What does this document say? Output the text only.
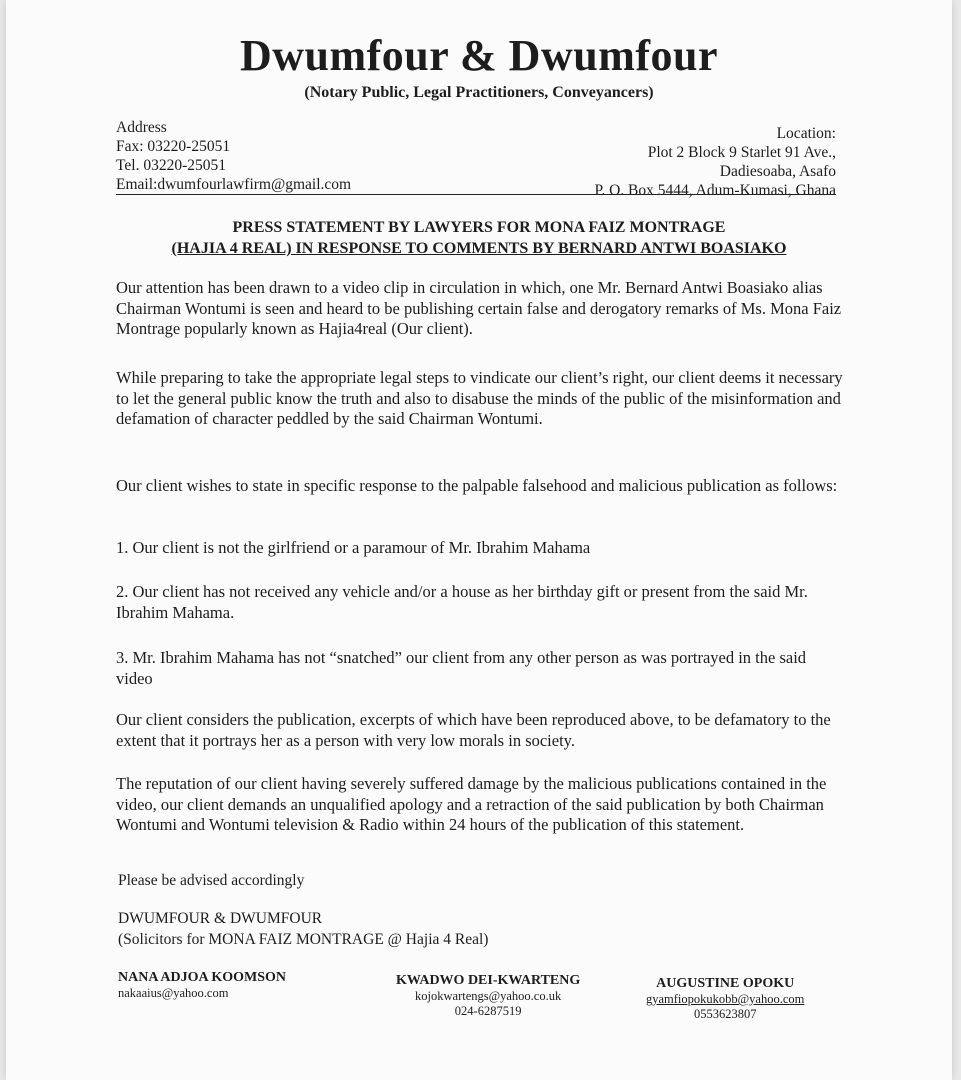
Dwumfour & Dwumfour
(Notary Public, Legal Practitioners, Conveyancers)
Address
Fax: 03220-25051
Tel. 03220-25051
Email:dwumfourlawfirm@gmail.com
Location:
Plot 2 Block 9 Starlet 91 Ave.,
Dadiesoaba, Asafo
P. O. Box 5444, Adum-Kumasi, Ghana
PRESS STATEMENT BY LAWYERS FOR MONA FAIZ MONTRAGE
(HAJIA 4 REAL) IN RESPONSE TO COMMENTS BY BERNARD ANTWI BOASIAKO
Our attention has been drawn to a video clip in circulation in which, one Mr. Bernard Antwi Boasiako alias Chairman Wontumi is seen and heard to be publishing certain false and derogatory remarks of Ms. Mona Faiz Montrage popularly known as Hajia4real (Our client).
While preparing to take the appropriate legal steps to vindicate our client’s right, our client deems it necessary to let the general public know the truth and also to disabuse the minds of the public of the misinformation and defamation of character peddled by the said Chairman Wontumi.
Our client wishes to state in specific response to the palpable falsehood and malicious publication as follows:
1. Our client is not the girlfriend or a paramour of Mr. Ibrahim Mahama
2. Our client has not received any vehicle and/or a house as her birthday gift or present from the said Mr. Ibrahim Mahama.
3. Mr. Ibrahim Mahama has not “snatched” our client from any other person as was portrayed in the said video
Our client considers the publication, excerpts of which have been reproduced above, to be defamatory to the extent that it portrays her as a person with very low morals in society.
The reputation of our client having severely suffered damage by the malicious publications contained in the video, our client demands an unqualified apology and a retraction of the said publication by both Chairman Wontumi and Wontumi television & Radio within 24 hours of the publication of this statement.
Please be advised accordingly
DWUMFOUR & DWUMFOUR
(Solicitors for MONA FAIZ MONTRAGE @ Hajia 4 Real)
NANA ADJOA KOOMSON
nakaaius@yahoo.com
KWADWO DEI-KWARTENG
kojokwartengs@yahoo.co.uk
024-6287519
AUGUSTINE OPOKU
gyamfiopokukobb@yahoo.com
0553623807
